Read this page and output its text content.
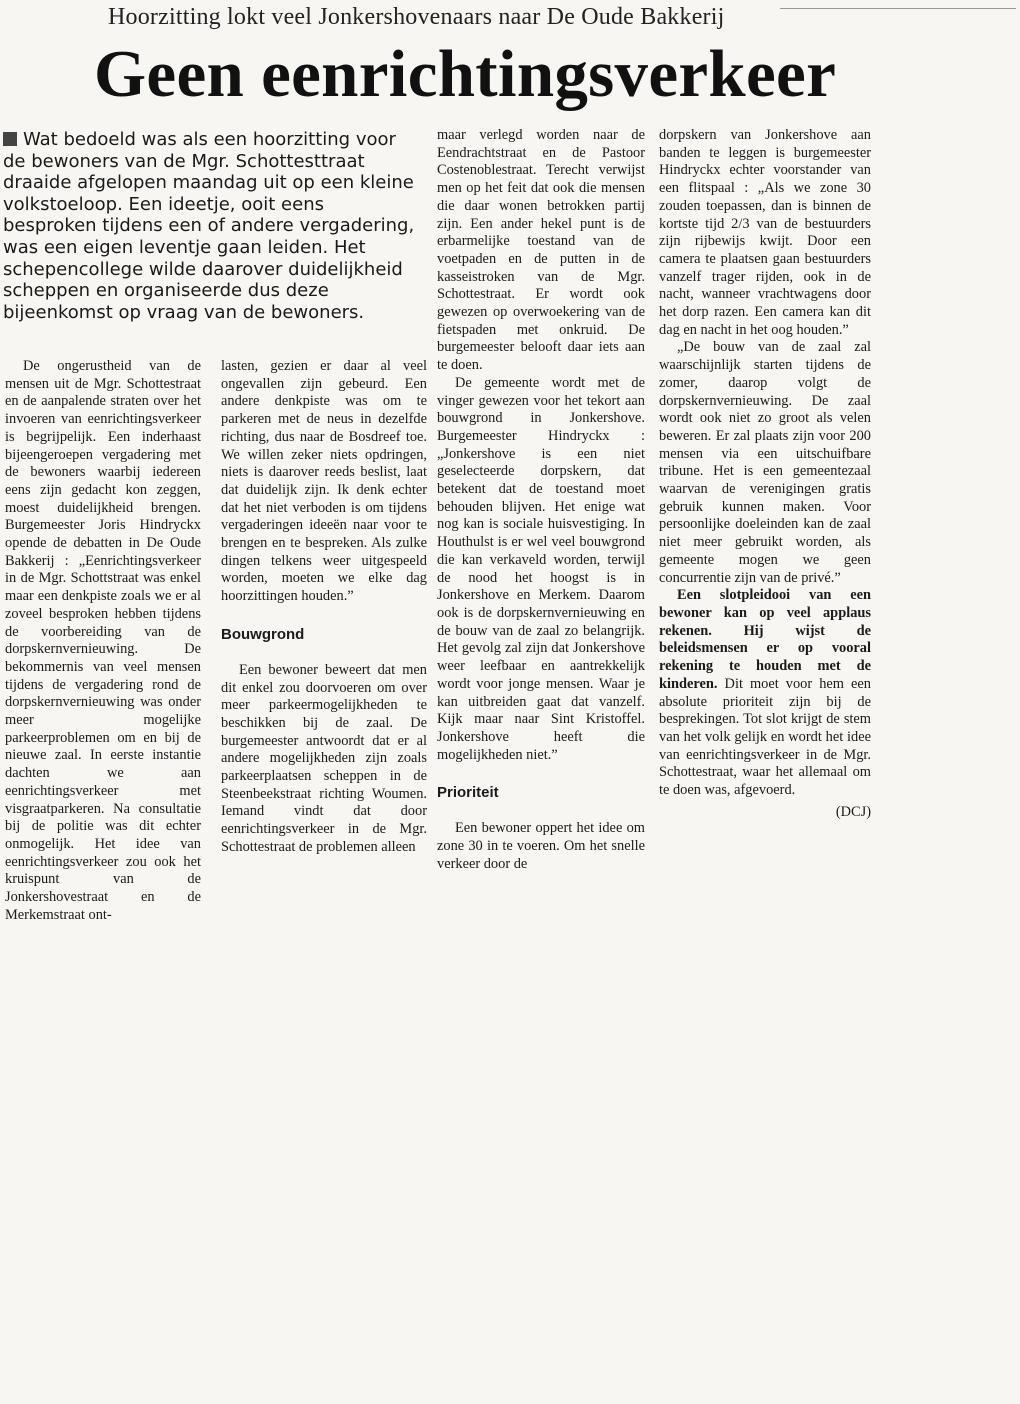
Hoorzitting lokt veel Jonkershovenaars naar De Oude Bakkerij
Geen eenrichtingsverkeer
Wat bedoeld was als een hoorzitting voor de bewoners van de Mgr. Schottesttraat draaide afgelopen maandag uit op een kleine volkstoeloop. Een ideetje, ooit eens besproken tijdens een of andere vergadering, was een eigen leventje gaan leiden. Het schepencollege wilde daarover duidelijkheid scheppen en organiseerde dus deze bijeenkomst op vraag van de bewoners.

De ongerustheid van de mensen uit de Mgr. Schottestraat en de aanpalende straten over het invoeren van eenrichtingsverkeer is begrijpelijk. Een inderhaast bijeengeroepen vergadering met de bewoners waarbij iedereen eens zijn gedacht kon zeggen, moest duidelijkheid brengen. Burgemeester Joris Hindryckx opende de debatten in De Oude Bakkerij : „Eenrichtingsverkeer in de Mgr. Schottstraat was enkel maar een denkpiste zoals we er al zoveel besproken hebben tijdens de voorbereiding van de dorpskernvernieuwing. De bekommernis van veel mensen tijdens de vergadering rond de dorpskernvernieuwing was onder meer mogelijke parkeerproblemen om en bij de nieuwe zaal. In eerste instantie dachten we aan eenrichtingsverkeer met visgraatparkeren. Na consultatie bij de politie was dit echter onmogelijk. Het idee van eenrichtingsverkeer zou ook het kruispunt van de Jonkershovestraat en de Merkemstraat ont-

lasten, gezien er daar al veel ongevallen zijn gebeurd. Een andere denkpiste was om te parkeren met de neus in dezelfde richting, dus naar de Bosdreef toe. We willen zeker niets opdringen, niets is daarover reeds beslist, laat dat duidelijk zijn. Ik denk echter dat het niet verboden is om tijdens vergaderingen ideeën naar voor te brengen en te bespreken. Als zulke dingen telkens weer uitgespeeld worden, moeten we elke dag hoorzittingen houden.”

Bouwgrond

Een bewoner beweert dat men dit enkel zou doorvoeren om over meer parkeermogelijkheden te beschikken bij de zaal. De burgemeester antwoordt dat er al andere mogelijkheden zijn zoals parkeerplaatsen scheppen in de Steenbeekstraat richting Woumen. Iemand vindt dat door eenrichtingsverkeer in de Mgr. Schottestraat de problemen alleen

maar verlegd worden naar de Eendrachtstraat en de Pastoor Costenoblestraat. Terecht verwijst men op het feit dat ook die mensen die daar wonen betrokken partij zijn. Een ander hekel punt is de erbarmelijke toestand van de voetpaden en de putten in de kasseistroken van de Mgr. Schottestraat. Er wordt ook gewezen op overwoekering van de fietspaden met onkruid. De burgemeester belooft daar iets aan te doen.

De gemeente wordt met de vinger gewezen voor het tekort aan bouwgrond in Jonkershove. Burgemeester Hindryckx : „Jonkershove is een niet geselecteerde dorpskern, dat betekent dat de toestand moet behouden blijven. Het enige wat nog kan is sociale huisvestiging. In Houthulst is er wel veel bouwgrond die kan verkaveld worden, terwijl de nood het hoogst is in Jonkershove en Merkem. Daarom ook is de dorpskernvernieuwing en de bouw van de zaal zo belangrijk. Het gevolg zal zijn dat Jonkershove weer leefbaar en aantrekkelijk wordt voor jonge mensen. Waar je kan uitbreiden gaat dat vanzelf. Kijk maar naar Sint Kristoffel. Jonkershove heeft die mogelijkheden niet.”

Prioriteit

Een bewoner oppert het idee om zone 30 in te voeren. Om het snelle verkeer door de

dorpskern van Jonkershove aan banden te leggen is burgemeester Hindryckx echter voorstander van een flitspaal : „Als we zone 30 zouden toepassen, dan is binnen de kortste tijd 2/3 van de bestuurders zijn rijbewijs kwijt. Door een camera te plaatsen gaan bestuurders vanzelf trager rijden, ook in de nacht, wanneer vrachtwagens door het dorp razen. Een camera kan dit dag en nacht in het oog houden.”

„De bouw van de zaal zal waarschijnlijk starten tijdens de zomer, daarop volgt de dorpskernvernieuwing. De zaal wordt ook niet zo groot als velen beweren. Er zal plaats zijn voor 200 mensen via een uitschuifbare tribune. Het is een gemeentezaal waarvan de verenigingen gratis gebruik kunnen maken. Voor persoonlijke doeleinden kan de zaal niet meer gebruikt worden, als gemeente mogen we geen concurrentie zijn van de privé.”

Een slotpleidooi van een bewoner kan op veel applaus rekenen. Hij wijst de beleidsmensen er op vooral rekening te houden met de kinderen. Dit moet voor hem een absolute prioriteit zijn bij de besprekingen. Tot slot krijgt de stem van het volk gelijk en wordt het idee van eenrichtingsverkeer in de Mgr. Schottestraat, waar het allemaal om te doen was, afgevoerd.

(DCJ)
